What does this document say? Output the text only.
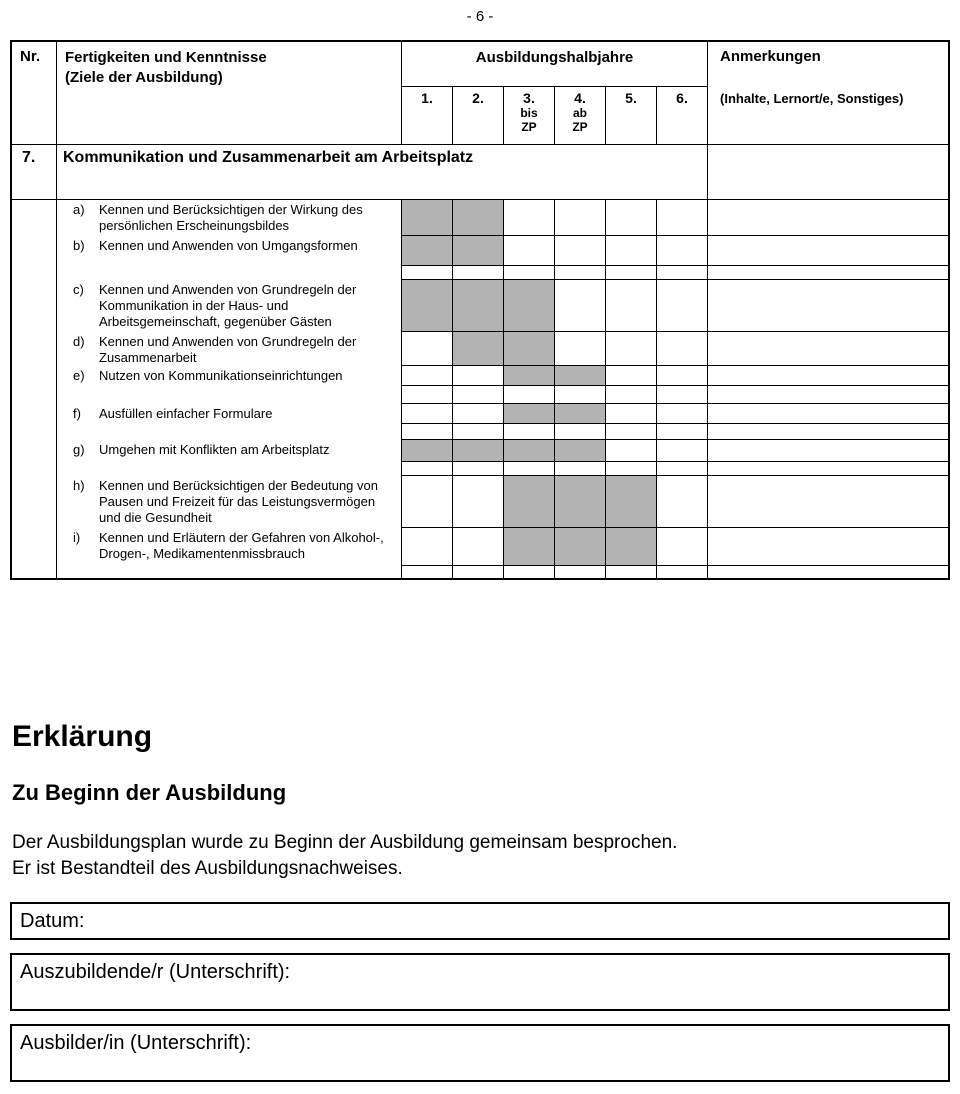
- 6 -
Nr.	Fertigkeiten und Kenntnisse
(Ziele der Ausbildung)
Ausbildungshalbjahre
1.	2.	3.
bis
ZP
4.
ab
ZP
5.	6.
Anmerkungen
(Inhalte, Lernort/e, Sonstiges)
7.	Kommunikation und Zusammenarbeit am Arbeitsplatz
a)	Kennen und Berücksichtigen der Wirkung des persönlichen Erscheinungsbildes
b)	Kennen und Anwenden von Umgangsformen
c)	Kennen und Anwenden von Grundregeln der Kommunikation in der Haus- und Arbeitsgemeinschaft, gegenüber Gästen
d)	Kennen und Anwenden von Grundregeln der Zusammenarbeit
e)	Nutzen von Kommunikationseinrichtungen
f)	Ausfüllen einfacher Formulare
g)	Umgehen mit Konflikten am Arbeitsplatz
h)	Kennen und Berücksichtigen der Bedeutung von Pausen und Freizeit für das Leistungsvermögen und die Gesundheit
i)	Kennen und Erläutern der Gefahren von Alkohol-, Drogen-, Medikamentenmissbrauch
Erklärung
Zu Beginn der Ausbildung
Der Ausbildungsplan wurde zu Beginn der Ausbildung gemeinsam besprochen.
Er ist Bestandteil des Ausbildungsnachweises.
Datum:
Auszubildende/r (Unterschrift):
Ausbilder/in (Unterschrift):
